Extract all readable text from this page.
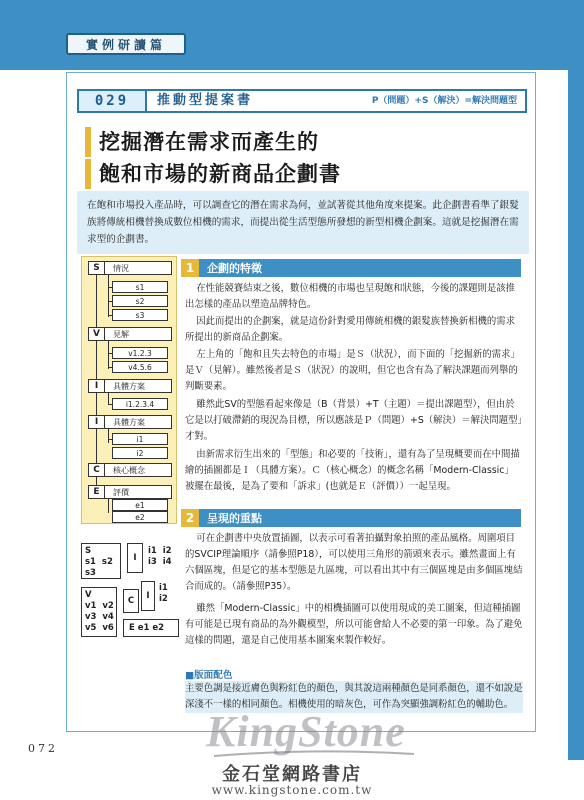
實例研讀篇
029	推動型提案書	P（問題）+S（解決）=解決問題型
挖掘潛在需求而產生的
飽和市場的新商品企劃書
在飽和市場投入產品時，可以調查它的潛在需求為何，並試著從其他角度來提案。此企劃書看準了銀髮族將傳統相機替換成數位相機的需求，而提出從生活型態所發想的新型相機企劃案。這就是挖掘潛在需求型的企劃書。
S	情況
s1
s2
s3
V	見解
v1.2.3
v4.5.6
I	具體方案
i1.2.3.4
I	具體方案
i1
i2
C	核心概念
E	評價
e1
e2
S
s1  s2
s3
I
i1  i2
i3  i4
V
v1  v2
v3  v4
v5  v6
C	I
i1
i2
E e1 e2
1	企劃的特徵

在性能競賽結束之後，數位相機的市場也呈現飽和狀態，今後的課題則是該推出怎樣的產品以塑造品牌特色。

因此而提出的企劃案，就是這份針對愛用傳統相機的銀髮族替換新相機的需求所提出的新商品企劃案。

左上角的「飽和且失去特色的市場」是Ｓ（狀況），而下面的「挖掘新的需求」是Ｖ（見解）。雖然後者是Ｓ（狀況）的說明，但它也含有為了解決課題而列舉的判斷要素。

雖然此SV的型態看起來像是（B（背景）+T（主題）＝提出課題型），但由於它是以打破滯銷的現況為目標，所以應該是Ｐ（問題）+S（解決）＝解決問題型」才對。

由新需求衍生出來的「型態」和必要的「技術」，還有為了呈現概要而在中間描繪的插圖都是Ｉ（具體方案）。Ｃ（核心概念）的概念名稱「Modern-Classic」被擺在最後，是為了要和「訴求」(也就是Ｅ（評價））一起呈現。

2	呈現的重點

可在企劃書中央放置插圖，以表示可看著拍攝對象拍照的產品風格。周圍項目的SVCIP理論順序（請參照P18），可以使用三角形的箭頭來表示。雖然畫面上有六個區塊，但是它的基本型態是九區塊，可以看出其中有三個區塊是由多個區塊結合而成的。（請參照P35）。

雖然「Modern-Classic」中的相機插圖可以使用現成的美工圖案，但這種插圖有可能是已現有商品的為外觀模型，所以可能會給人不必要的第一印象。為了避免這樣的問題，還是自己使用基本圖案來製作較好。

■版面配色

主要色調是接近膚色與粉紅色的顏色，與其說這兩種顏色是同系顏色，還不如說是深淺不一樣的相同顏色。相機使用的暗灰色，可作為突顯強調粉紅色的輔助色。

072	KingStone
金石堂網路書店
www.kingstone.com.tw
